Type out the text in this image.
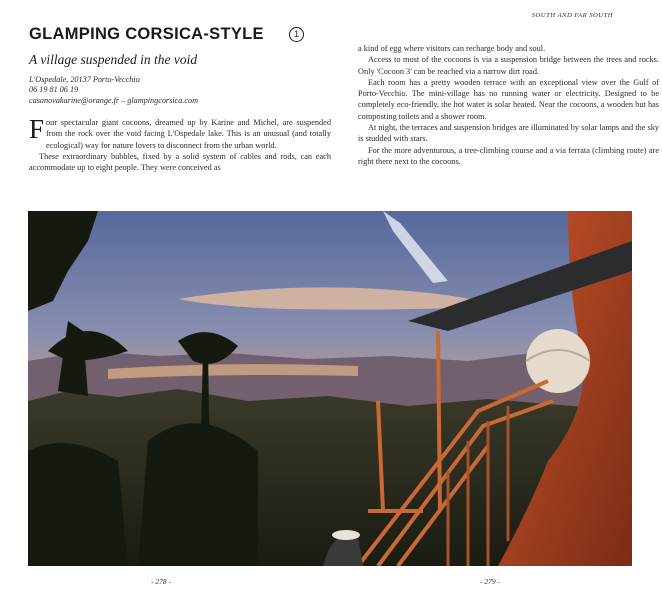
GLAMPING CORSICA-STYLE	1
A village suspended in the void
L'Ospedale, 20137 Porto-Vecchio
06 19 81 06 19
casanovakarine@orange.fr – glampingcorsica.com

Four spectacular giant cocoons, dreamed up by Karine and Michel, are suspended from the rock over the void facing L'Ospedale lake. This is an unusual (and totally ecological) way for nature lovers to disconnect from the urban world.

These extraordinary bubbles, fixed by a solid system of cables and rods, can each accommodate up to eight people. They were conceived as

- 278 -
SOUTH AND FAR SOUTH

a kind of egg where visitors can recharge body and soul.

Access to most of the cocoons is via a suspension bridge between the trees and rocks. Only 'Cocoon 3' can be reached via a narrow dirt road.

Each room has a pretty wooden terrace with an exceptional view over the Gulf of Porto-Vecchio. The mini-village has no running water or electricity. Designed to be completely eco-friendly, the hot water is solar heated. Near the cocoons, a wooden hut has composting toilets and a shower room.

At night, the terraces and suspension bridges are illuminated by solar lamps and the sky is studded with stars.

For the more adventurous, a tree-climbing course and a via ferrata (climbing route) are right there next to the cocoons.

- 279 -
